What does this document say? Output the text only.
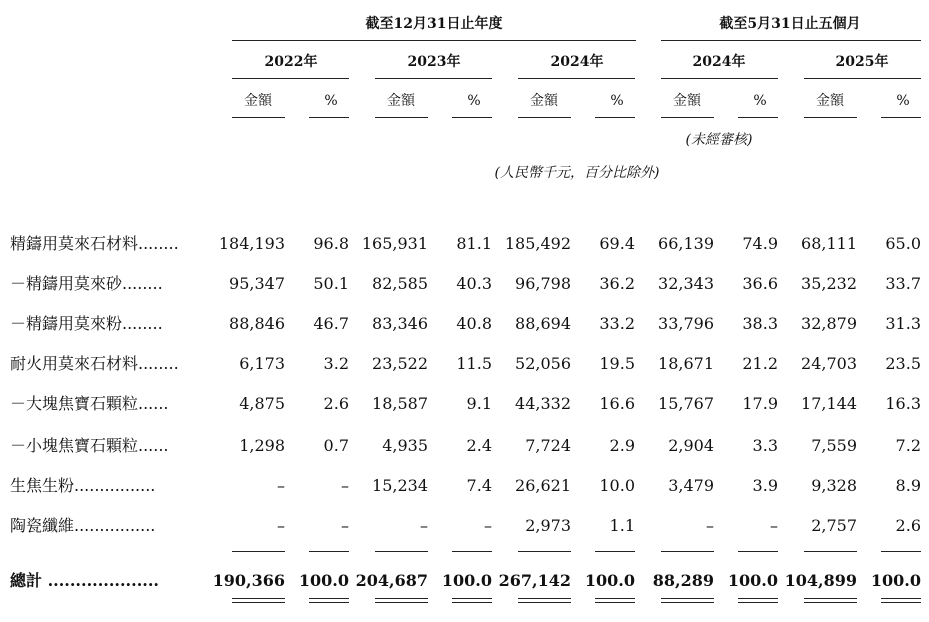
截至12月31日止年度	截至5月31日止五個月
2022年	2023年	2024年	2024年	2025年
金額	%	金額	%	金額	%	金額	%	金額	%
(未經審核)
(人民幣千元，百分比除外)
精鑄用莫來石材料........	184,193 96.8 165,931 81.1 185,492 69.4 66,139 74.9 68,111 65.0
－精鑄用莫來砂........	95,347 50.1 82,585 40.3 96,798 36.2 32,343 36.6 35,232 33.7
－精鑄用莫來粉........	88,846 46.7 83,346 40.8 88,694 33.2 33,796 38.3 32,879 31.3
耐火用莫來石材料........	6,173 3.2 23,522 11.5 52,056 19.5 18,671 21.2 24,703 23.5
－大塊焦寶石顆粒......	4,875 2.6 18,587 9.1 44,332 16.6 15,767 17.9 17,144 16.3
－小塊焦寶石顆粒......	1,298 0.7 4,935 2.4 7,724 2.9 2,904 3.3 7,559 7.2
生焦生粉................	–	– 15,234 7.4 26,621 10.0 3,479 3.9 9,328 8.9
陶瓷纖維................	–	–	–	– 2,973 1.1	–	– 2,757 2.6
總計 ....................	190,366 100.0 204,687 100.0 267,142 100.0 88,289 100.0 104,899 100.0
